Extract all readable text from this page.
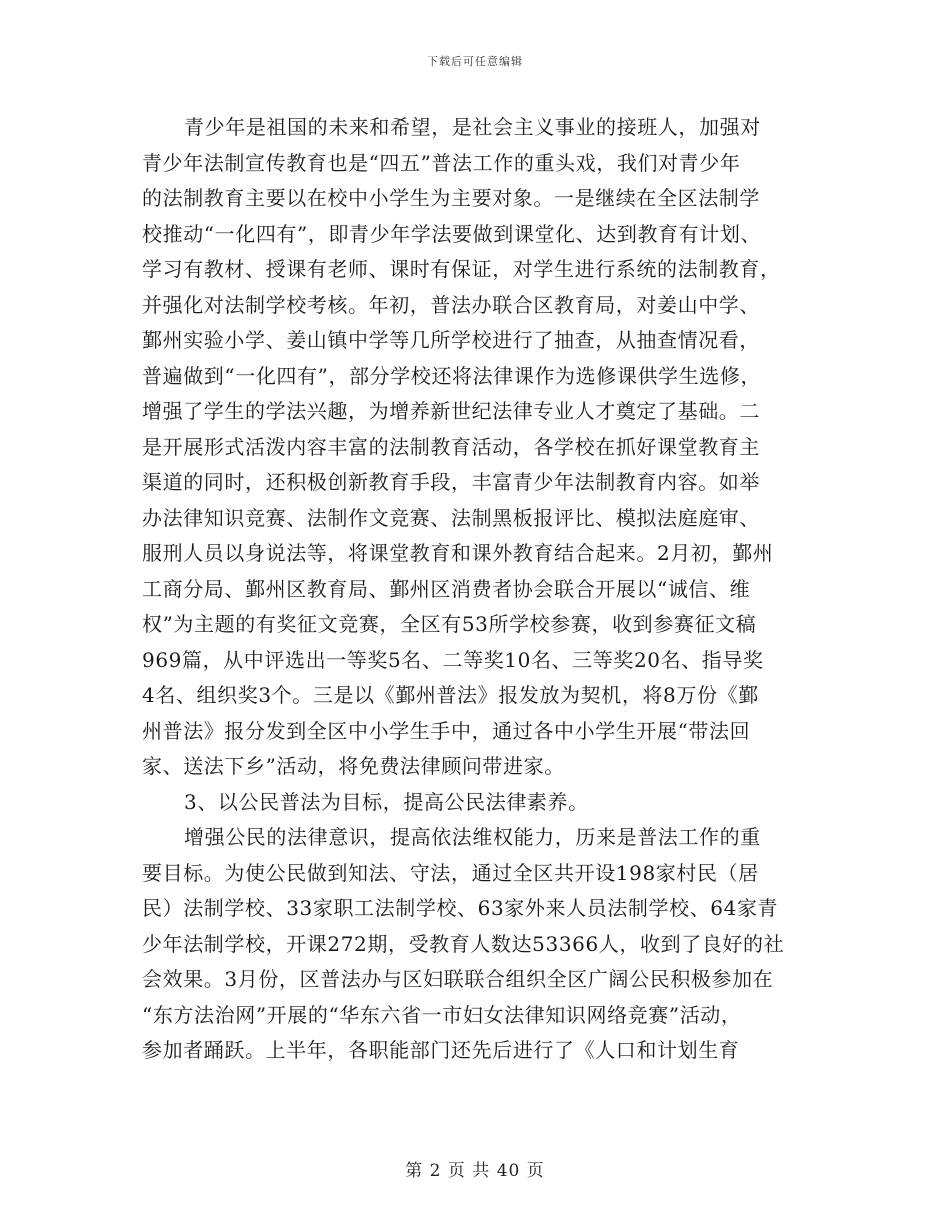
下载后可任意编辑
青少年是祖国的未来和希望，是社会主义事业的接班人，加强对
青少年法制宣传教育也是“四五”普法工作的重头戏，我们对青少年
的法制教育主要以在校中小学生为主要对象。一是继续在全区法制学
校推动“一化四有”，即青少年学法要做到课堂化、达到教育有计划、
学习有教材、授课有老师、课时有保证，对学生进行系统的法制教育，
并强化对法制学校考核。年初，普法办联合区教育局，对姜山中学、
鄞州实验小学、姜山镇中学等几所学校进行了抽查，从抽查情况看，
普遍做到“一化四有”，部分学校还将法律课作为选修课供学生选修，
增强了学生的学法兴趣，为增养新世纪法律专业人才奠定了基础。二
是开展形式活泼内容丰富的法制教育活动，各学校在抓好课堂教育主
渠道的同时，还积极创新教育手段，丰富青少年法制教育内容。如举
办法律知识竞赛、法制作文竞赛、法制黑板报评比、模拟法庭庭审、
服刑人员以身说法等，将课堂教育和课外教育结合起来。2月初，鄞州
工商分局、鄞州区教育局、鄞州区消费者协会联合开展以“诚信、维
权”为主题的有奖征文竞赛，全区有53所学校参赛，收到参赛征文稿
969篇，从中评选出一等奖5名、二等奖10名、三等奖20名、指导奖
4名、组织奖3个。三是以《鄞州普法》报发放为契机，将8万份《鄞
州普法》报分发到全区中小学生手中，通过各中小学生开展“带法回
家、送法下乡”活动，将免费法律顾问带进家。
3、以公民普法为目标，提高公民法律素养。
增强公民的法律意识，提高依法维权能力，历来是普法工作的重
要目标。为使公民做到知法、守法，通过全区共开设198家村民（居
民）法制学校、33家职工法制学校、63家外来人员法制学校、64家青
少年法制学校，开课272期，受教育人数达53366人，收到了良好的社
会效果。3月份，区普法办与区妇联联合组织全区广阔公民积极参加在
“东方法治网”开展的“华东六省一市妇女法律知识网络竞赛”活动，
参加者踊跃。上半年，各职能部门还先后进行了《人口和计划生育
第 2 页 共 40 页
